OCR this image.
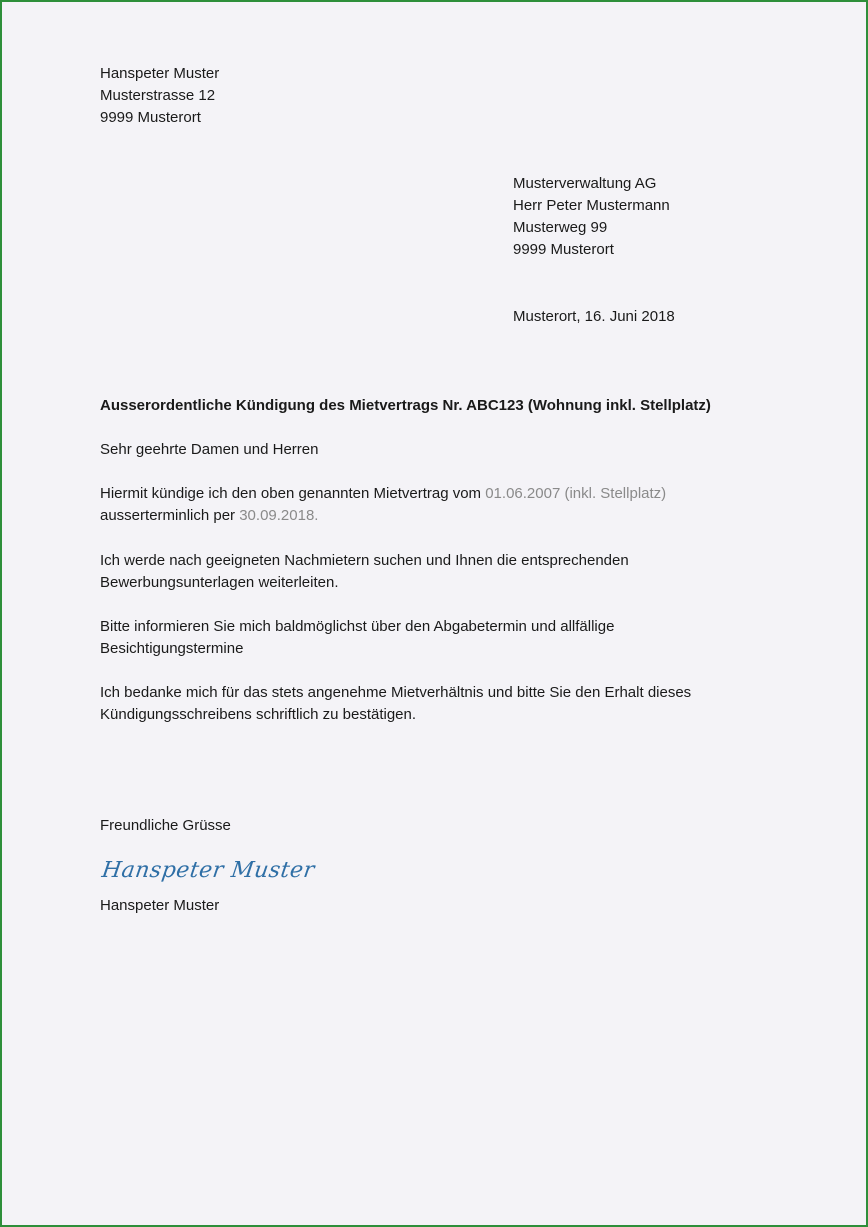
Hanspeter Muster
Musterstrasse 12
9999 Musterort
Musterverwaltung AG
Herr Peter Mustermann
Musterweg 99
9999 Musterort
Musterort, 16. Juni 2018
Ausserordentliche Kündigung des Mietvertrags Nr. ABC123 (Wohnung inkl. Stellplatz)
Sehr geehrte Damen und Herren
Hiermit kündige ich den oben genannten Mietvertrag vom 01.06.2007 (inkl. Stellplatz)
ausserterminlich per 30.09.2018.
Ich werde nach geeigneten Nachmietern suchen und Ihnen die entsprechenden
Bewerbungsunterlagen weiterleiten.
Bitte informieren Sie mich baldmöglichst über den Abgabetermin und allfällige
Besichtigungstermine
Ich bedanke mich für das stets angenehme Mietverhältnis und bitte Sie den Erhalt dieses
Kündigungsschreibens schriftlich zu bestätigen.
Freundliche Grüsse
Hanspeter Muster
Hanspeter Muster
